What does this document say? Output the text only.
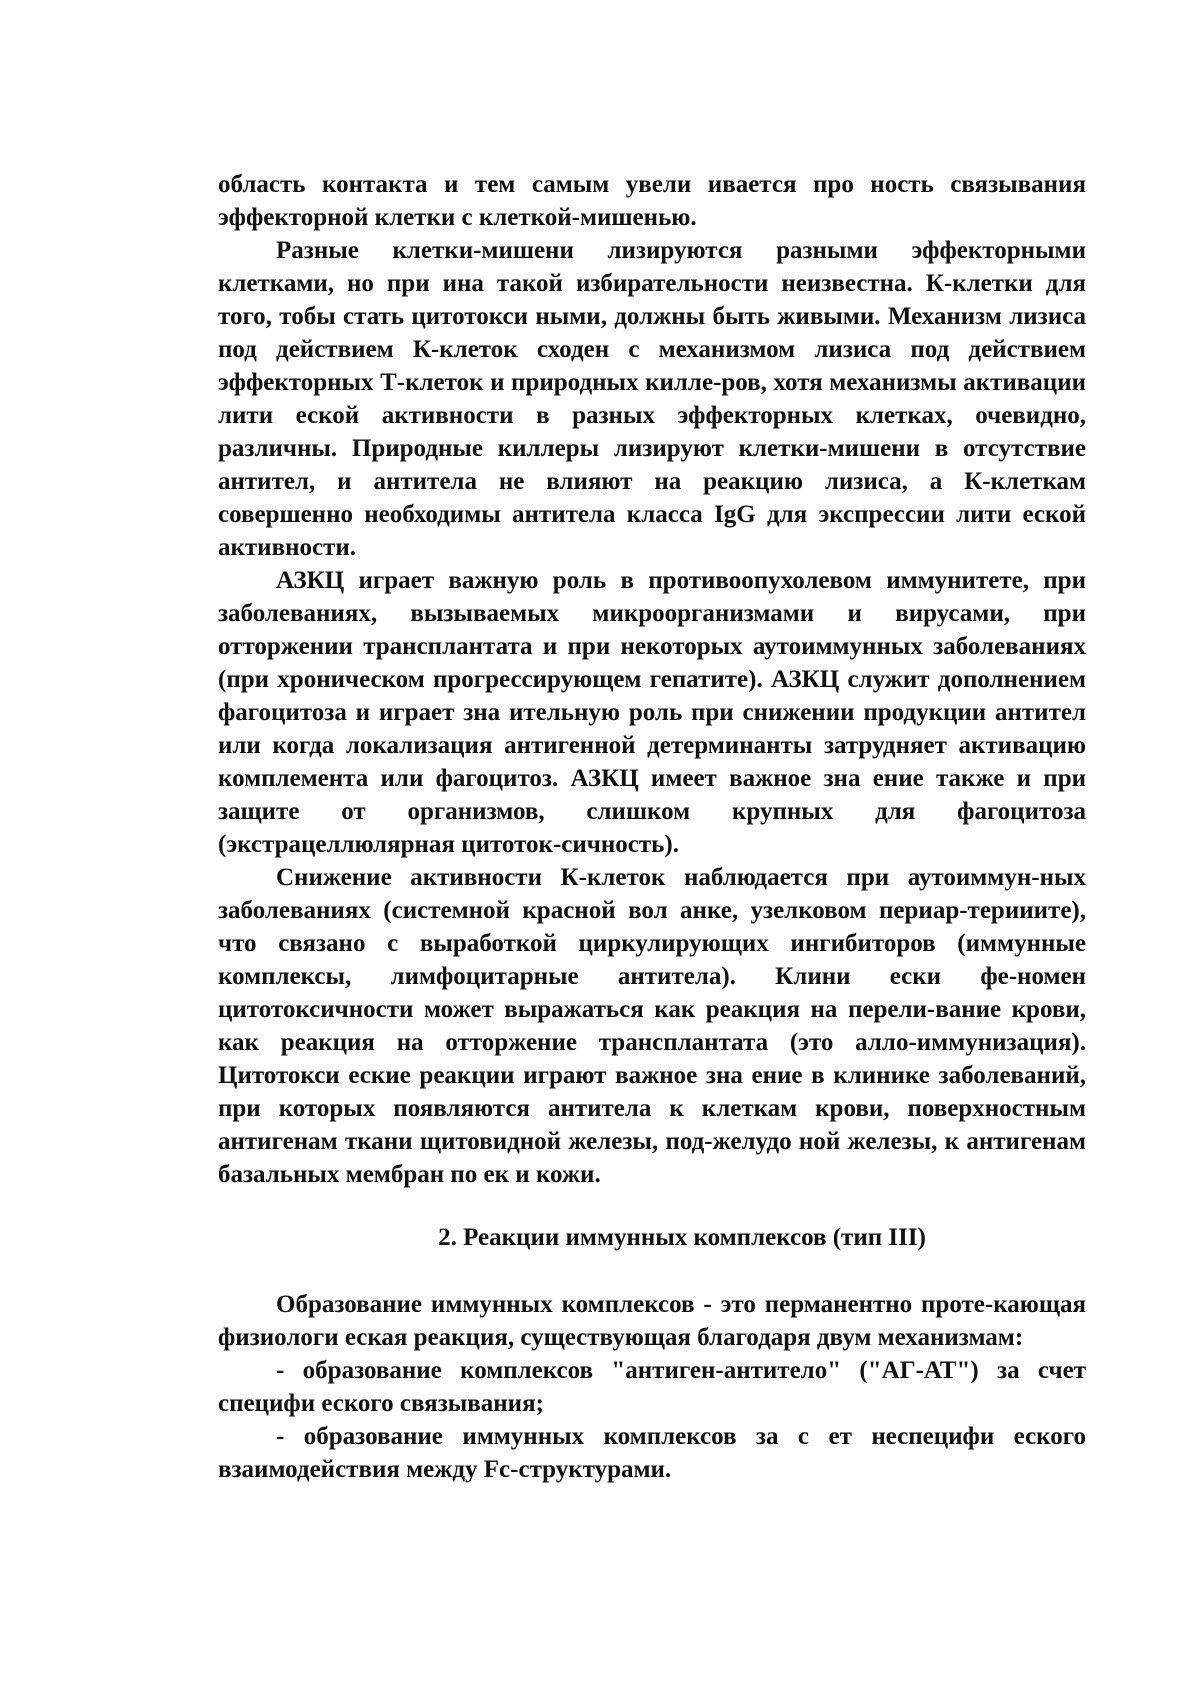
область контакта и тем самым увели ивается про ность связывания эффекторной клетки с клеткой-мишенью.

Разные клетки-мишени лизируются разными эффекторными клетками, но при ина такой избирательности неизвестна. К-клетки для того, тобы стать цитотокси ными, должны быть живыми. Механизм лизиса под действием К-клеток сходен с механизмом лизиса под действием эффекторных Т-клеток и природных килле-ров, хотя механизмы активации лити еской активности в разных эффекторных клетках, очевидно, различны. Природные киллеры лизируют клетки-мишени в отсутствие антител, и антитела не влияют на реакцию лизиса, а К-клеткам совершенно необходимы антитела класса IgG для экспрессии лити еской активности.

АЗКЦ играет важную роль в противоопухолевом иммунитете, при заболеваниях, вызываемых микроорганизмами и вирусами, при отторжении трансплантата и при некоторых аутоиммунных заболеваниях (при хроническом прогрессирующем гепатите). АЗКЦ служит дополнением фагоцитоза и играет зна ительную роль при снижении продукции антител или когда локализация антигенной детерминанты затрудняет активацию комплемента или фагоцитоз. АЗКЦ имеет важное зна ение также и при защите от организмов, слишком крупных для фагоцитоза (экстрацеллюлярная цитоток-сичность).

Снижение активности К-клеток наблюдается при аутоиммун-ных заболеваниях (системной красной вол анке, узелковом периар-терииите), что связано с выработкой циркулирующих ингибиторов (иммунные комплексы, лимфоцитарные антитела). Клини ески фе-номен цитотоксичности может выражаться как реакция на перели-вание крови, как реакция на отторжение трансплантата (это алло-иммунизация). Цитотокси еские реакции играют важное зна ение в клинике заболеваний, при которых появляются антитела к клеткам крови, поверхностным антигенам ткани щитовидной железы, под-желудо ной железы, к антигенам базальных мембран по ек и кожи.

2. Реакции иммунных комплексов (тип III)

Образование иммунных комплексов - это перманентно проте-кающая физиологи еская реакция, существующая благодаря двум механизмам:

- образование комплексов "антиген-антитело" ("АГ-АТ") за счет специфи еского связывания;

- образование иммунных комплексов за с ет неспецифи еского взаимодействия между Fc-структурами.
